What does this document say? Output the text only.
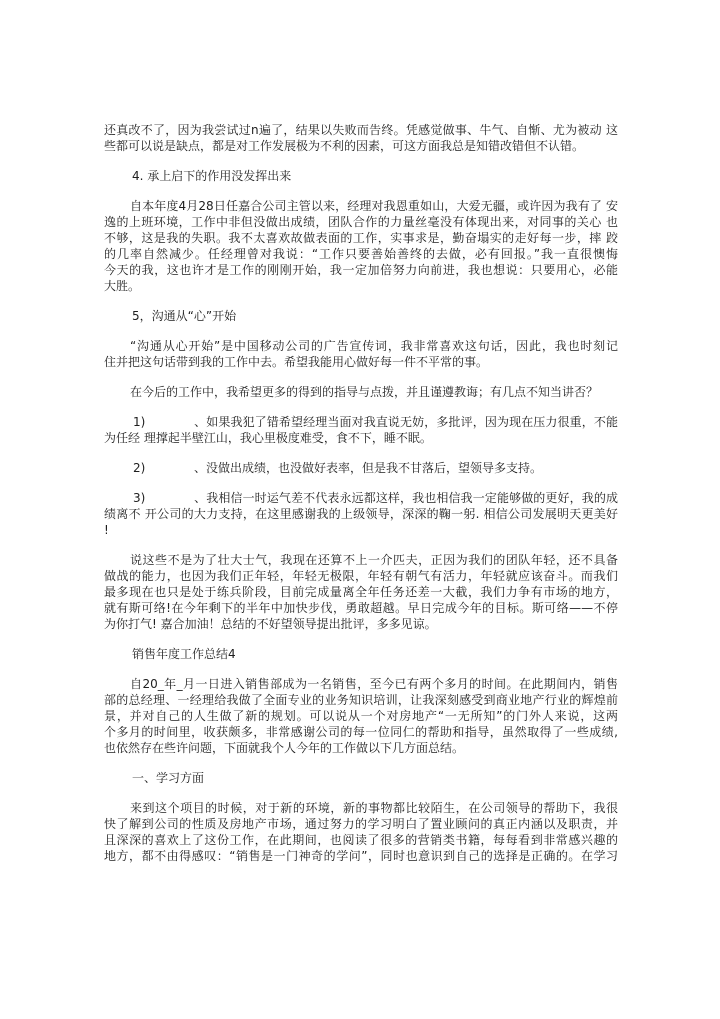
还真改不了，因为我尝试过n遍了，结果以失败而告终。凭感觉做事、牛气、自惭、尤为被动 这
些都可以说是缺点，都是对工作发展极为不利的因素，可这方面我总是知错改错但不认错。
4. 承上启下的作用没发挥出来
自本年度4月28日任嘉合公司主管以来，经理对我恩重如山，大爱无疆，或许因为我有了 安
逸的上班环境，工作中非但没做出成绩，团队合作的力量丝毫没有体现出来，对同事的关心 也
不够，这是我的失职。我不太喜欢故做表面的工作，实事求是，勤奋塌实的走好每一步，摔 跤
的几率自然减少。任经理曾对我说：“工作只要善始善终的去做，必有回报。”我一直很懊悔
今天的我，这也许才是工作的刚刚开始，我一定加倍努力向前进，我也想说：只要用心，必能
大胜。
5，沟通从“心”开始
“沟通从心开始”是中国移动公司的广告宣传词，我非常喜欢这句话，因此，我也时刻记
住并把这句话带到我的工作中去。希望我能用心做好每一件不平常的事。
在今后的工作中，我希望更多的得到的指导与点拨，并且谨遵教诲；有几点不知当讲否？
1)	、如果我犯了错希望经理当面对我直说无妨，多批评，因为现在压力很重，不能
为任经 理撑起半壁江山，我心里极度难受，食不下，睡不眠。
2)	、没做出成绩，也没做好表率，但是我不甘落后，望领导多支持。
3)	、我相信一时运气差不代表永远都这样，我也相信我一定能够做的更好，我的成
绩离不 开公司的大力支持，在这里感谢我的上级领导，深深的鞠一躬. 相信公司发展明天更美好
!
说这些不是为了壮大士气，我现在还算不上一介匹夫，正因为我们的团队年轻，还不具备
做战的能力，也因为我们正年轻，年轻无极限，年轻有朝气有活力，年轻就应该奋斗。而我们
最多现在也只是处于练兵阶段，目前完成量离全年任务还差一大截，我们力争有市场的地方，
就有斯可络!在今年剩下的半年中加快步伐，勇敢超越。早日完成今年的目标。斯可络——不停
为你打气! 嘉合加油！总结的不好望领导提出批评，多多见谅。
销售年度工作总结4
自20_年_月一日进入销售部成为一名销售，至今已有两个多月的时间。在此期间内，销售
部的总经理、一经理给我做了全面专业的业务知识培训，让我深刻感受到商业地产行业的辉煌前
景，并对自己的人生做了新的规划。可以说从一个对房地产“一无所知”的门外人来说，这两
个多月的时间里，收获颇多，非常感谢公司的每一位同仁的帮助和指导，虽然取得了一些成绩,
也依然存在些许问题，下面就我个人今年的工作做以下几方面总结。
一、学习方面
来到这个项目的时候，对于新的环境，新的事物都比较陌生，在公司领导的帮助下，我很
快了解到公司的性质及房地产市场，通过努力的学习明白了置业顾问的真正内涵以及职责，并
且深深的喜欢上了这份工作，在此期间，也阅读了很多的营销类书籍，每每看到非常感兴趣的
地方，都不由得感叹：“销售是一门神奇的学问”，同时也意识到自己的选择是正确的。在学习
